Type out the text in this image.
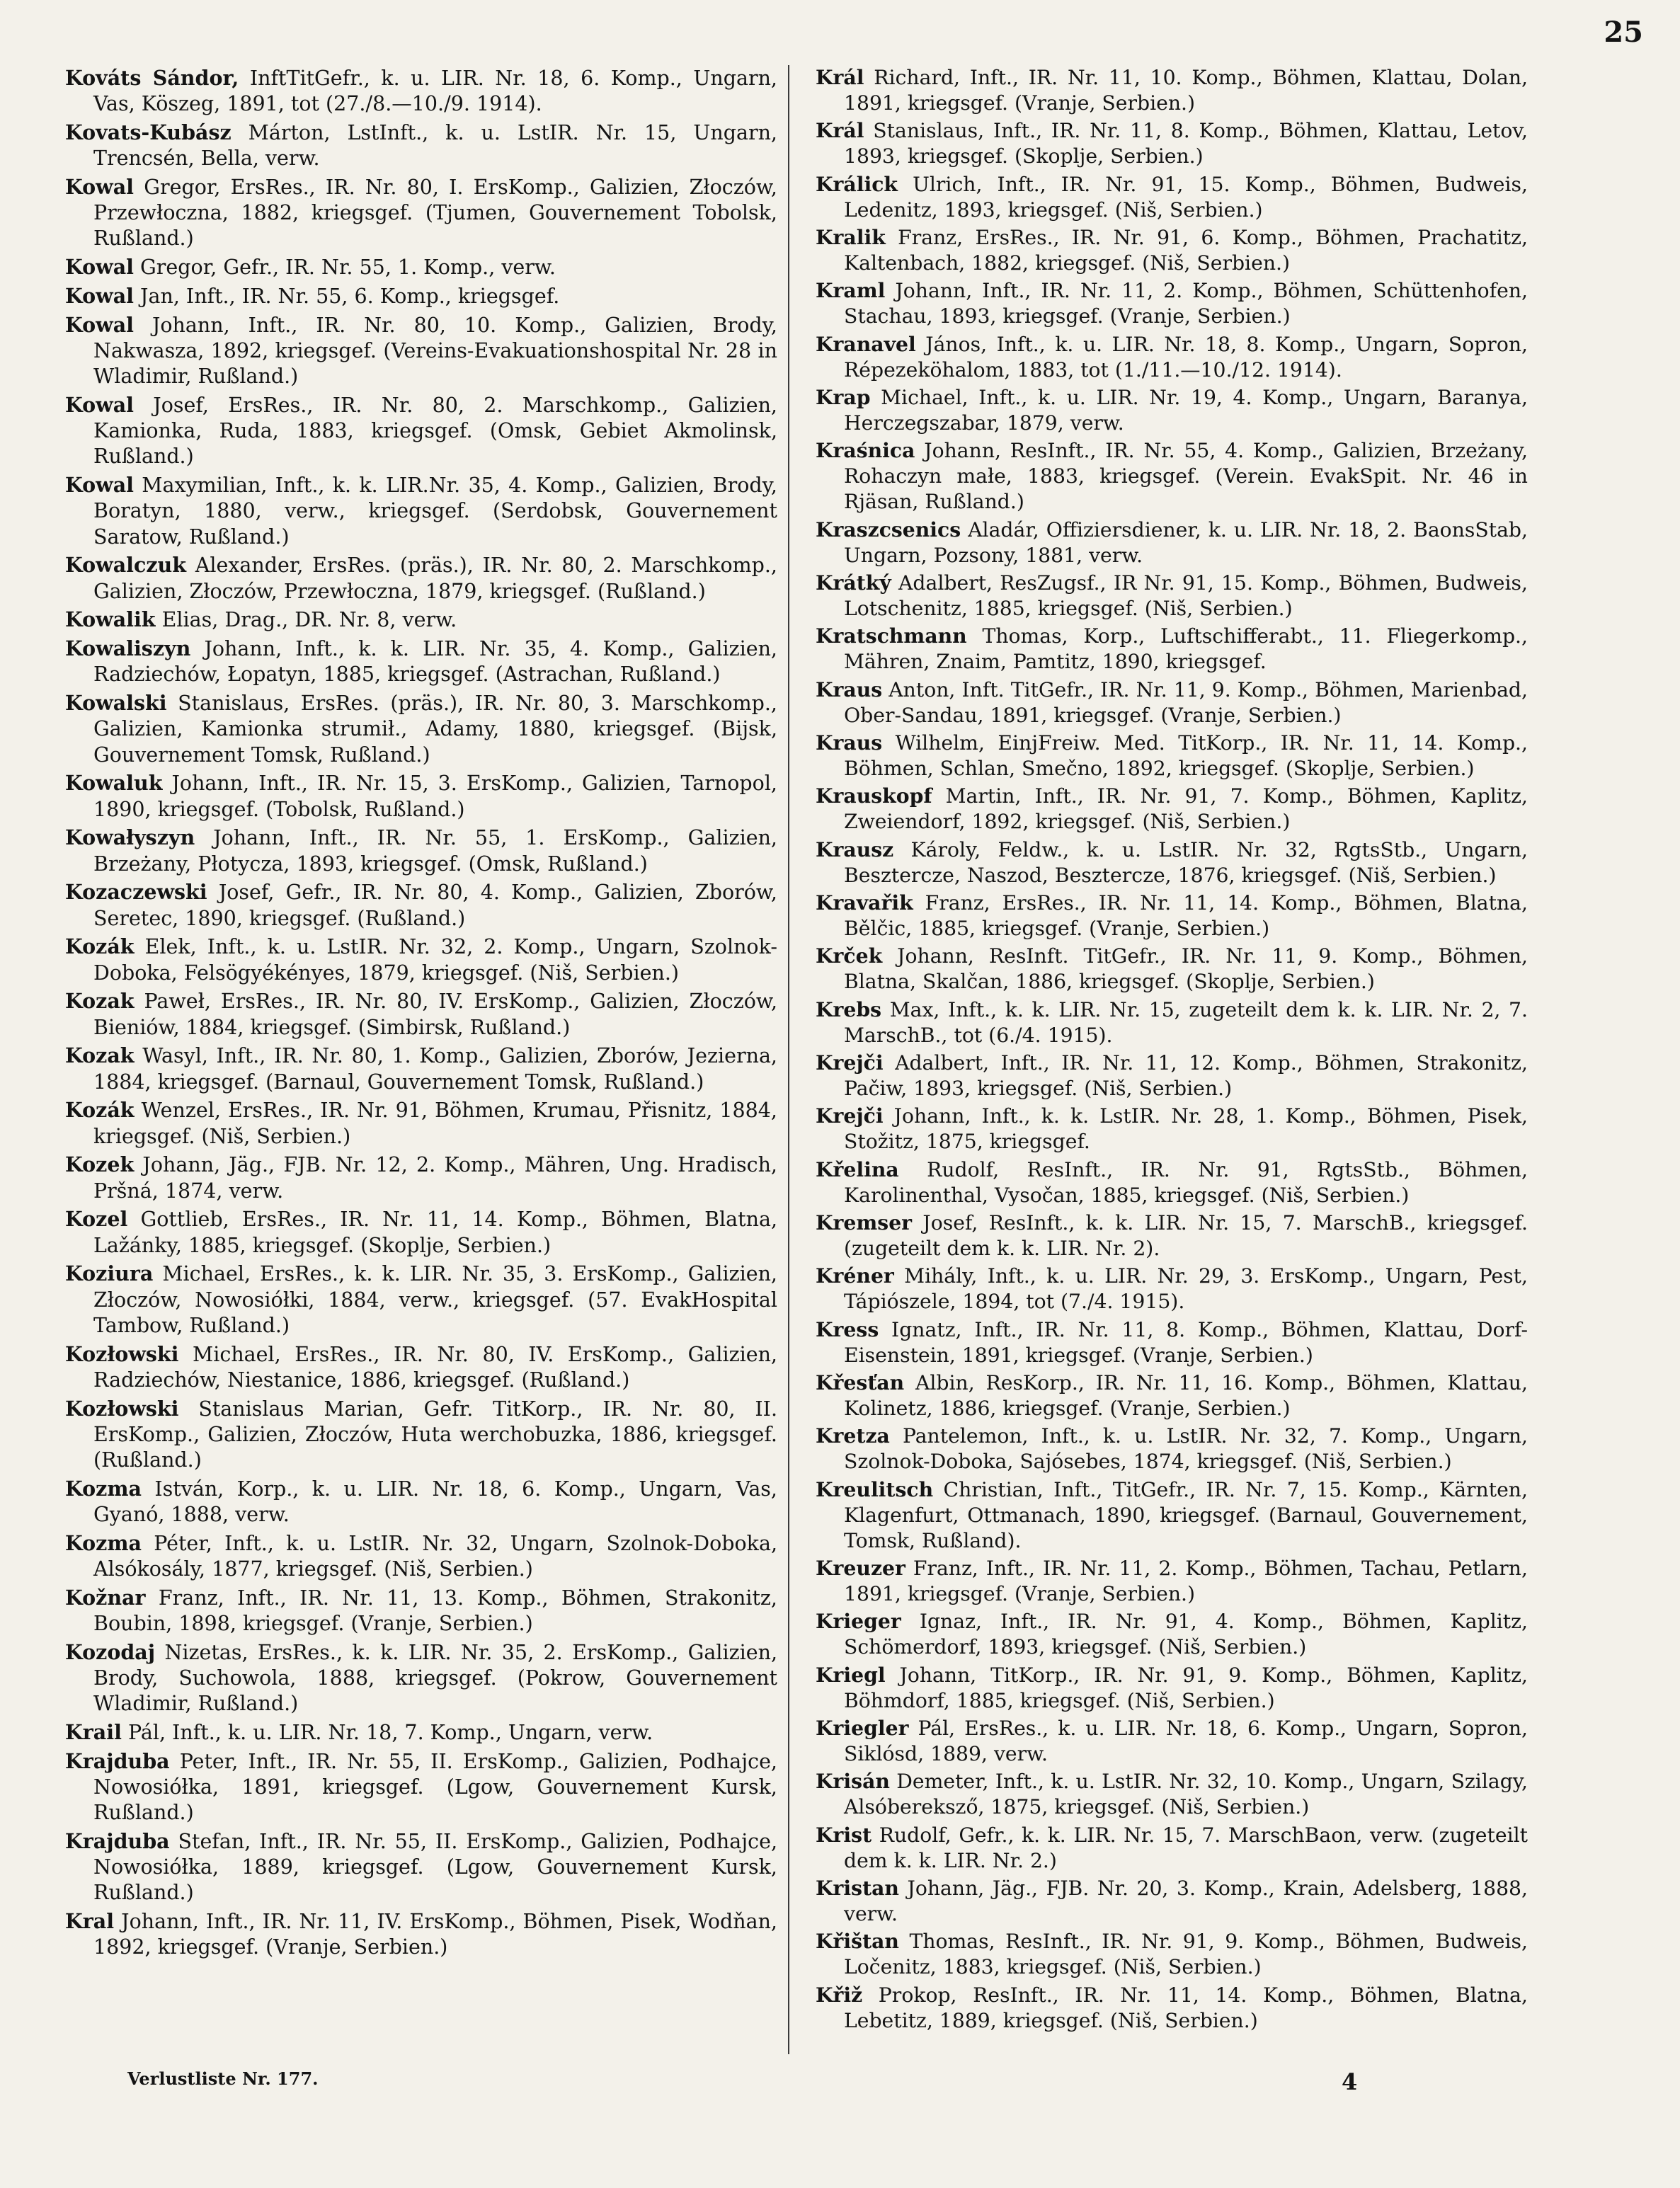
25

Kováts Sándor, InftTitGefr., k. u. LIR. Nr. 18, 6. Komp., Ungarn, Vas, Köszeg, 1891, tot (27./8.—10./9. 1914).

Kovats-Kubász Márton, LstInft., k. u. LstIR. Nr. 15, Ungarn, Trencsén, Bella, verw.

Kowal Gregor, ErsRes., IR. Nr. 80, I. ErsKomp., Galizien, Złoczów, Przewłoczna, 1882, kriegsgef. (Tjumen, Gouvernement Tobolsk, Rußland.)

Kowal Gregor, Gefr., IR. Nr. 55, 1. Komp., verw.

Kowal Jan, Inft., IR. Nr. 55, 6. Komp., kriegsgef.

Kowal Johann, Inft., IR. Nr. 80, 10. Komp., Galizien, Brody, Nakwasza, 1892, kriegsgef. (Vereins-Evakuationshospital Nr. 28 in Wladimir, Rußland.)

Kowal Josef, ErsRes., IR. Nr. 80, 2. Marschkomp., Galizien, Kamionka, Ruda, 1883, kriegsgef. (Omsk, Gebiet Akmolinsk, Rußland.)

Kowal Maxymilian, Inft., k. k. LIR.Nr. 35, 4. Komp., Galizien, Brody, Boratyn, 1880, verw., kriegsgef. (Serdobsk, Gouvernement Saratow, Rußland.)

Kowalczuk Alexander, ErsRes. (präs.), IR. Nr. 80, 2. Marschkomp., Galizien, Złoczów, Przewłoczna, 1879, kriegsgef. (Rußland.)

Kowalik Elias, Drag., DR. Nr. 8, verw.

Kowaliszyn Johann, Inft., k. k. LIR. Nr. 35, 4. Komp., Galizien, Radziechów, Łopatyn, 1885, kriegsgef. (Astrachan, Rußland.)

Kowalski Stanislaus, ErsRes. (präs.), IR. Nr. 80, 3. Marschkomp., Galizien, Kamionka strumił., Adamy, 1880, kriegsgef. (Bijsk, Gouvernement Tomsk, Rußland.)

Kowaluk Johann, Inft., IR. Nr. 15, 3. ErsKomp., Galizien, Tarnopol, 1890, kriegsgef. (Tobolsk, Rußland.)

Kowałyszyn Johann, Inft., IR. Nr. 55, 1. ErsKomp., Galizien, Brzeżany, Płotycza, 1893, kriegsgef. (Omsk, Rußland.)

Kozaczewski Josef, Gefr., IR. Nr. 80, 4. Komp., Galizien, Zborów, Seretec, 1890, kriegsgef. (Rußland.)

Kozák Elek, Inft., k. u. LstIR. Nr. 32, 2. Komp., Ungarn, Szolnok-Doboka, Felsögyékényes, 1879, kriegsgef. (Niš, Serbien.)

Kozak Paweł, ErsRes., IR. Nr. 80, IV. ErsKomp., Galizien, Złoczów, Bieniów, 1884, kriegsgef. (Simbirsk, Rußland.)

Kozak Wasyl, Inft., IR. Nr. 80, 1. Komp., Galizien, Zborów, Jezierna, 1884, kriegsgef. (Barnaul, Gouvernement Tomsk, Rußland.)

Kozák Wenzel, ErsRes., IR. Nr. 91, Böhmen, Krumau, Přisnitz, 1884, kriegsgef. (Niš, Serbien.)

Kozek Johann, Jäg., FJB. Nr. 12, 2. Komp., Mähren, Ung. Hradisch, Pršná, 1874, verw.

Kozel Gottlieb, ErsRes., IR. Nr. 11, 14. Komp., Böhmen, Blatna, Lažánky, 1885, kriegsgef. (Skoplje, Serbien.)

Koziura Michael, ErsRes., k. k. LIR. Nr. 35, 3. ErsKomp., Galizien, Złoczów, Nowosiółki, 1884, verw., kriegsgef. (57. EvakHospital Tambow, Rußland.)

Kozłowski Michael, ErsRes., IR. Nr. 80, IV. ErsKomp., Galizien, Radziechów, Niestanice, 1886, kriegsgef. (Rußland.)

Kozłowski Stanislaus Marian, Gefr. TitKorp., IR. Nr. 80, II. ErsKomp., Galizien, Złoczów, Huta werchobuzka, 1886, kriegsgef. (Rußland.)

Kozma István, Korp., k. u. LIR. Nr. 18, 6. Komp., Ungarn, Vas, Gyanó, 1888, verw.

Kozma Péter, Inft., k. u. LstIR. Nr. 32, Ungarn, Szolnok-Doboka, Alsókosály, 1877, kriegsgef. (Niš, Serbien.)

Kožnar Franz, Inft., IR. Nr. 11, 13. Komp., Böhmen, Strakonitz, Boubin, 1898, kriegsgef. (Vranje, Serbien.)

Kozodaj Nizetas, ErsRes., k. k. LIR. Nr. 35, 2. ErsKomp., Galizien, Brody, Suchowola, 1888, kriegsgef. (Pokrow, Gouvernement Wladimir, Rußland.)

Krail Pál, Inft., k. u. LIR. Nr. 18, 7. Komp., Ungarn, verw.

Krajduba Peter, Inft., IR. Nr. 55, II. ErsKomp., Galizien, Podhajce, Nowosiółka, 1891, kriegsgef. (Lgow, Gouvernement Kursk, Rußland.)

Krajduba Stefan, Inft., IR. Nr. 55, II. ErsKomp., Galizien, Podhajce, Nowosiółka, 1889, kriegsgef. (Lgow, Gouvernement Kursk, Rußland.)

Kral Johann, Inft., IR. Nr. 11, IV. ErsKomp., Böhmen, Pisek, Wodňan, 1892, kriegsgef. (Vranje, Serbien.)

Král Richard, Inft., IR. Nr. 11, 10. Komp., Böhmen, Klattau, Dolan, 1891, kriegsgef. (Vranje, Serbien.)

Král Stanislaus, Inft., IR. Nr. 11, 8. Komp., Böhmen, Klattau, Letov, 1893, kriegsgef. (Skoplje, Serbien.)

Králick Ulrich, Inft., IR. Nr. 91, 15. Komp., Böhmen, Budweis, Ledenitz, 1893, kriegsgef. (Niš, Serbien.)

Kralik Franz, ErsRes., IR. Nr. 91, 6. Komp., Böhmen, Prachatitz, Kaltenbach, 1882, kriegsgef. (Niš, Serbien.)

Kraml Johann, Inft., IR. Nr. 11, 2. Komp., Böhmen, Schüttenhofen, Stachau, 1893, kriegsgef. (Vranje, Serbien.)

Kranavel János, Inft., k. u. LIR. Nr. 18, 8. Komp., Ungarn, Sopron, Répezeköhalom, 1883, tot (1./11.—10./12. 1914).

Krap Michael, Inft., k. u. LIR. Nr. 19, 4. Komp., Ungarn, Baranya, Herczegszabar, 1879, verw.

Kraśnica Johann, ResInft., IR. Nr. 55, 4. Komp., Galizien, Brzeżany, Rohaczyn małe, 1883, kriegsgef. (Verein. EvakSpit. Nr. 46 in Rjäsan, Rußland.)

Kraszcsenics Aladár, Offiziersdiener, k. u. LIR. Nr. 18, 2. BaonsStab, Ungarn, Pozsony, 1881, verw.

Krátký Adalbert, ResZugsf., IR Nr. 91, 15. Komp., Böhmen, Budweis, Lotschenitz, 1885, kriegsgef. (Niš, Serbien.)

Kratschmann Thomas, Korp., Luftschifferabt., 11. Fliegerkomp., Mähren, Znaim, Pamtitz, 1890, kriegsgef.

Kraus Anton, Inft. TitGefr., IR. Nr. 11, 9. Komp., Böhmen, Marienbad, Ober-Sandau, 1891, kriegsgef. (Vranje, Serbien.)

Kraus Wilhelm, EinjFreiw. Med. TitKorp., IR. Nr. 11, 14. Komp., Böhmen, Schlan, Smečno, 1892, kriegsgef. (Skoplje, Serbien.)

Krauskopf Martin, Inft., IR. Nr. 91, 7. Komp., Böhmen, Kaplitz, Zweiendorf, 1892, kriegsgef. (Niš, Serbien.)

Krausz Károly, Feldw., k. u. LstIR. Nr. 32, RgtsStb., Ungarn, Besztercze, Naszod, Besztercze, 1876, kriegsgef. (Niš, Serbien.)

Kravařik Franz, ErsRes., IR. Nr. 11, 14. Komp., Böhmen, Blatna, Bělčic, 1885, kriegsgef. (Vranje, Serbien.)

Krček Johann, ResInft. TitGefr., IR. Nr. 11, 9. Komp., Böhmen, Blatna, Skalčan, 1886, kriegsgef. (Skoplje, Serbien.)

Krebs Max, Inft., k. k. LIR. Nr. 15, zugeteilt dem k. k. LIR. Nr. 2, 7. MarschB., tot (6./4. 1915).

Krejči Adalbert, Inft., IR. Nr. 11, 12. Komp., Böhmen, Strakonitz, Pačiw, 1893, kriegsgef. (Niš, Serbien.)

Krejči Johann, Inft., k. k. LstIR. Nr. 28, 1. Komp., Böhmen, Pisek, Stožitz, 1875, kriegsgef.

Křelina Rudolf, ResInft., IR. Nr. 91, RgtsStb., Böhmen, Karolinenthal, Vysočan, 1885, kriegsgef. (Niš, Serbien.)

Kremser Josef, ResInft., k. k. LIR. Nr. 15, 7. MarschB., kriegsgef. (zugeteilt dem k. k. LIR. Nr. 2).

Kréner Mihály, Inft., k. u. LIR. Nr. 29, 3. ErsKomp., Ungarn, Pest, Tápiószele, 1894, tot (7./4. 1915).

Kress Ignatz, Inft., IR. Nr. 11, 8. Komp., Böhmen, Klattau, Dorf-Eisenstein, 1891, kriegsgef. (Vranje, Serbien.)

Křesťan Albin, ResKorp., IR. Nr. 11, 16. Komp., Böhmen, Klattau, Kolinetz, 1886, kriegsgef. (Vranje, Serbien.)

Kretza Pantelemon, Inft., k. u. LstIR. Nr. 32, 7. Komp., Ungarn, Szolnok-Doboka, Sajósebes, 1874, kriegsgef. (Niš, Serbien.)

Kreulitsch Christian, Inft., TitGefr., IR. Nr. 7, 15. Komp., Kärnten, Klagenfurt, Ottmanach, 1890, kriegsgef. (Barnaul, Gouvernement, Tomsk, Rußland).

Kreuzer Franz, Inft., IR. Nr. 11, 2. Komp., Böhmen, Tachau, Petlarn, 1891, kriegsgef. (Vranje, Serbien.)

Krieger Ignaz, Inft., IR. Nr. 91, 4. Komp., Böhmen, Kaplitz, Schömerdorf, 1893, kriegsgef. (Niš, Serbien.)

Kriegl Johann, TitKorp., IR. Nr. 91, 9. Komp., Böhmen, Kaplitz, Böhmdorf, 1885, kriegsgef. (Niš, Serbien.)

Kriegler Pál, ErsRes., k. u. LIR. Nr. 18, 6. Komp., Ungarn, Sopron, Siklósd, 1889, verw.

Krisán Demeter, Inft., k. u. LstIR. Nr. 32, 10. Komp., Ungarn, Szilagy, Alsóbereksző, 1875, kriegsgef. (Niš, Serbien.)

Krist Rudolf, Gefr., k. k. LIR. Nr. 15, 7. MarschBaon, verw. (zugeteilt dem k. k. LIR. Nr. 2.)

Kristan Johann, Jäg., FJB. Nr. 20, 3. Komp., Krain, Adelsberg, 1888, verw.

Křištan Thomas, ResInft., IR. Nr. 91, 9. Komp., Böhmen, Budweis, Ločenitz, 1883, kriegsgef. (Niš, Serbien.)

Křiž Prokop, ResInft., IR. Nr. 11, 14. Komp., Böhmen, Blatna, Lebetitz, 1889, kriegsgef. (Niš, Serbien.)

Verlustliste Nr. 177.	4
